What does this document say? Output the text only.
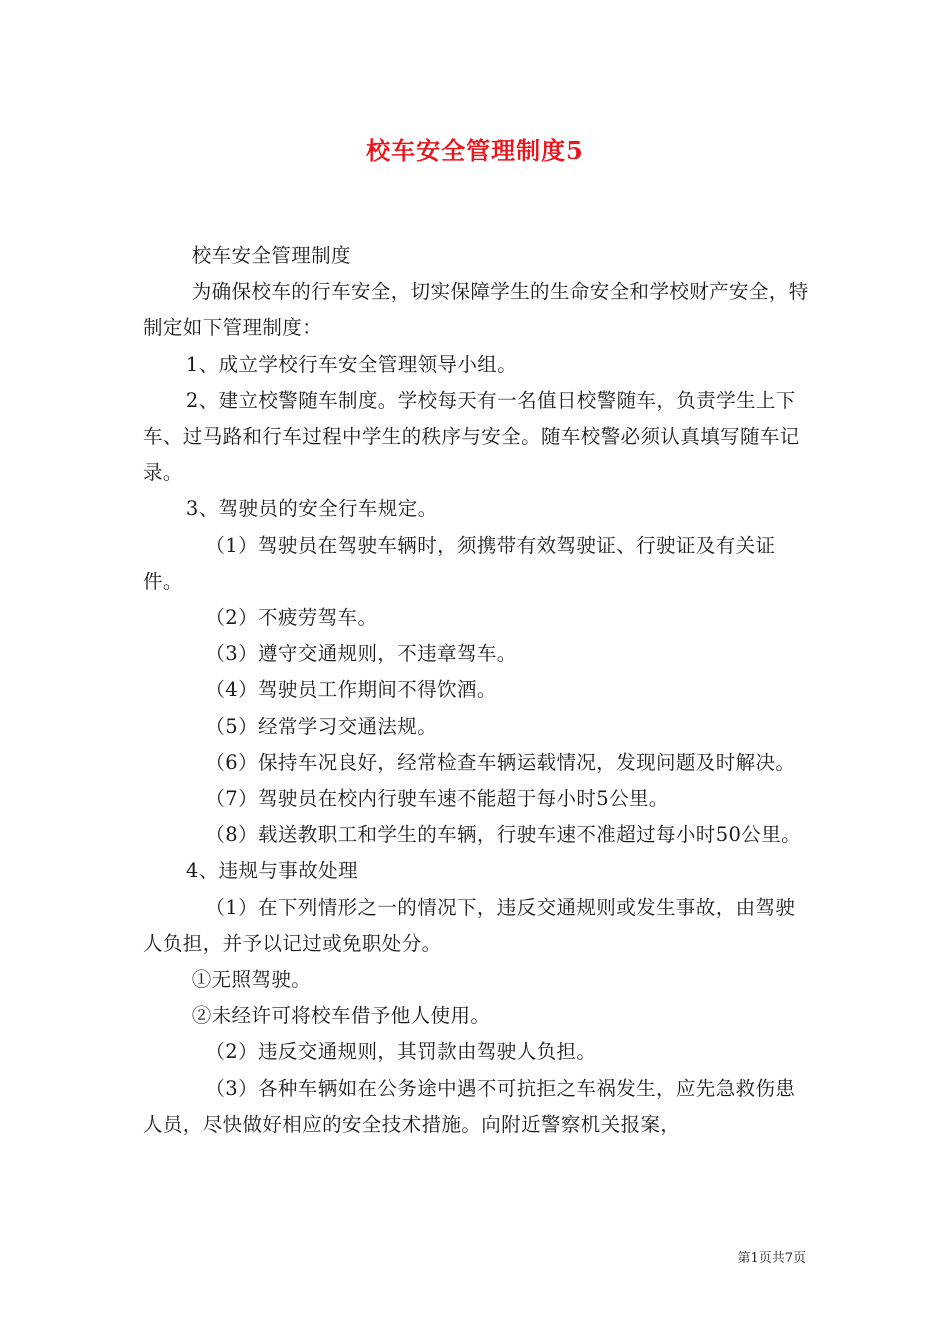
校车安全管理制度5

校车安全管理制度

为确保校车的行车安全，切实保障学生的生命安全和学校财产安全，特制定如下管理制度：

1、成立学校行车安全管理领导小组。

2、建立校警随车制度。学校每天有一名值日校警随车，负责学生上下车、过马路和行车过程中学生的秩序与安全。随车校警必须认真填写随车记录。

3、驾驶员的安全行车规定。

（1）驾驶员在驾驶车辆时，须携带有效驾驶证、行驶证及有关证件。

（2）不疲劳驾车。

（3）遵守交通规则，不违章驾车。

（4）驾驶员工作期间不得饮酒。

（5）经常学习交通法规。

（6）保持车况良好，经常检查车辆运载情况，发现问题及时解决。

（7）驾驶员在校内行驶车速不能超于每小时5公里。

（8）载送教职工和学生的车辆，行驶车速不准超过每小时50公里。

4、违规与事故处理

（1）在下列情形之一的情况下，违反交通规则或发生事故，由驾驶人负担，并予以记过或免职处分。

①无照驾驶。

②未经许可将校车借予他人使用。

（2）违反交通规则，其罚款由驾驶人负担。

（3）各种车辆如在公务途中遇不可抗拒之车祸发生，应先急救伤患人员，尽快做好相应的安全技术措施。向附近警察机关报案，

第1页共7页
